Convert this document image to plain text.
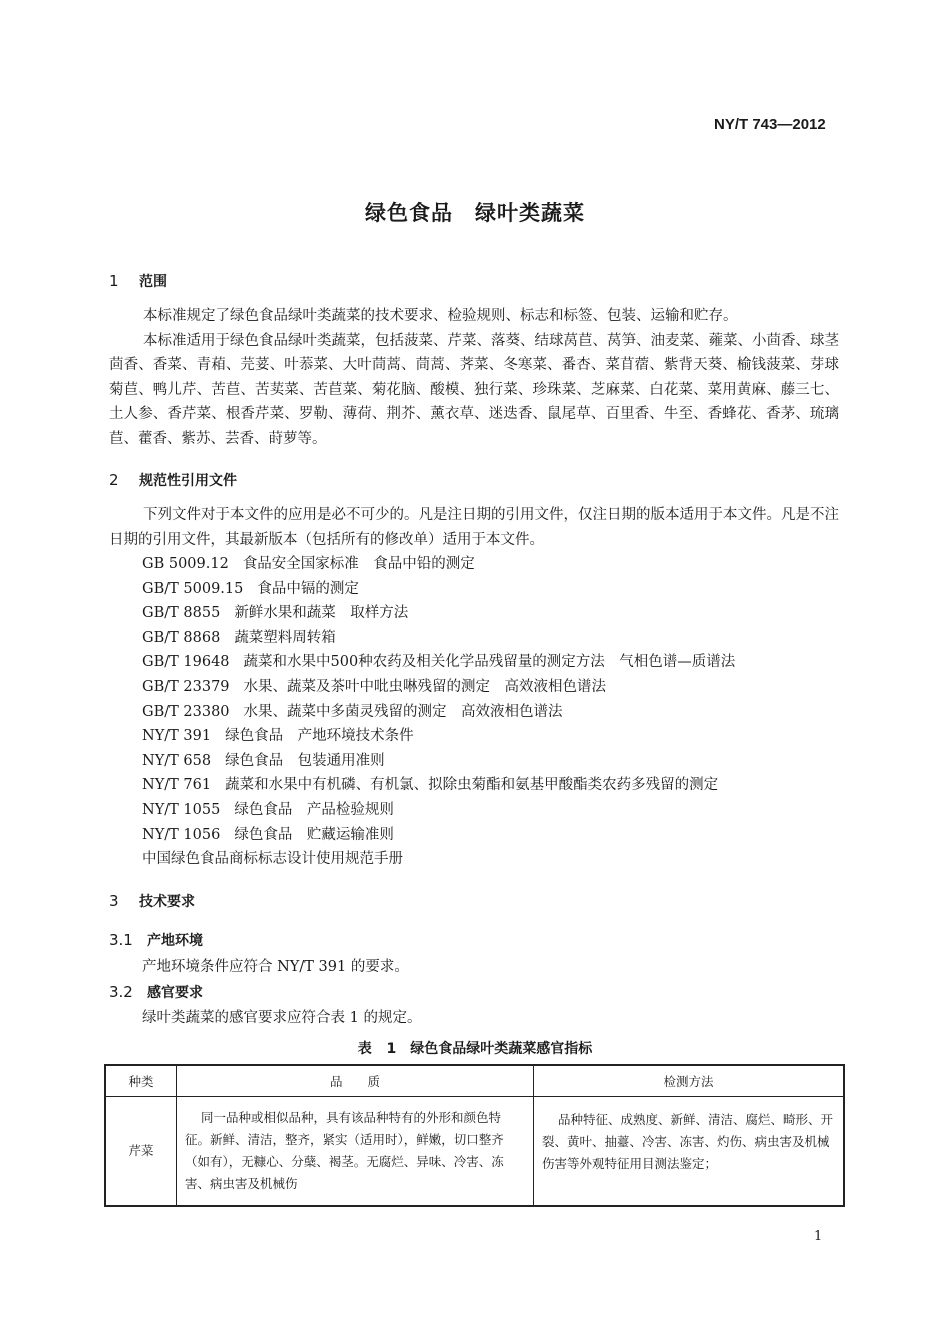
NY/T 743—2012
绿色食品　绿叶类蔬菜
1 范围

本标准规定了绿色食品绿叶类蔬菜的技术要求、检验规则、标志和标签、包装、运输和贮存。

本标准适用于绿色食品绿叶类蔬菜，包括菠菜、芹菜、落葵、结球莴苣、莴笋、油麦菜、蕹菜、小茴香、球茎茴香、香菜、青葙、芫荽、叶菾菜、大叶茼蒿、茼蒿、荠菜、冬寒菜、番杏、菜苜蓿、紫背天葵、榆钱菠菜、芽球菊苣、鸭儿芹、苦苣、苦荬菜、苦苣菜、菊花脑、酸模、独行菜、珍珠菜、芝麻菜、白花菜、菜用黄麻、藤三七、土人参、香芹菜、根香芹菜、罗勒、薄荷、荆芥、薰衣草、迷迭香、鼠尾草、百里香、牛至、香蜂花、香茅、琉璃苣、藿香、紫苏、芸香、莳萝等。

2 规范性引用文件

下列文件对于本文件的应用是必不可少的。凡是注日期的引用文件，仅注日期的版本适用于本文件。凡是不注日期的引用文件，其最新版本（包括所有的修改单）适用于本文件。

GB 5009.12 食品安全国家标准　食品中铅的测定
GB/T 5009.15 食品中镉的测定
GB/T 8855 新鲜水果和蔬菜　取样方法
GB/T 8868 蔬菜塑料周转箱
GB/T 19648 蔬菜和水果中500种农药及相关化学品残留量的测定方法　气相色谱—质谱法
GB/T 23379 水果、蔬菜及茶叶中吡虫啉残留的测定　高效液相色谱法
GB/T 23380 水果、蔬菜中多菌灵残留的测定　高效液相色谱法
NY/T 391 绿色食品　产地环境技术条件
NY/T 658 绿色食品　包装通用准则
NY/T 761 蔬菜和水果中有机磷、有机氯、拟除虫菊酯和氨基甲酸酯类农药多残留的测定
NY/T 1055 绿色食品　产品检验规则
NY/T 1056 绿色食品　贮藏运输准则
中国绿色食品商标标志设计使用规范手册
3 技术要求
3.1 产地环境
产地环境条件应符合 NY/T 391 的要求。
3.2 感官要求
绿叶类蔬菜的感官要求应符合表 1 的规定。
表 1　绿色食品绿叶类蔬菜感官指标
种类	品　　质	检测方法
芹菜	同一品种或相似品种，具有该品种特有的外形和颜色特征。新鲜、清洁，整齐，紧实（适用时），鲜嫩，切口整齐（如有），无糠心、分蘖、褐茎。无腐烂、异味、冷害、冻害、病虫害及机械伤	品种特征、成熟度、新鲜、清洁、腐烂、畸形、开裂、黄叶、抽薹、冷害、冻害、灼伤、病虫害及机械伤害等外观特征用目测法鉴定；
1
